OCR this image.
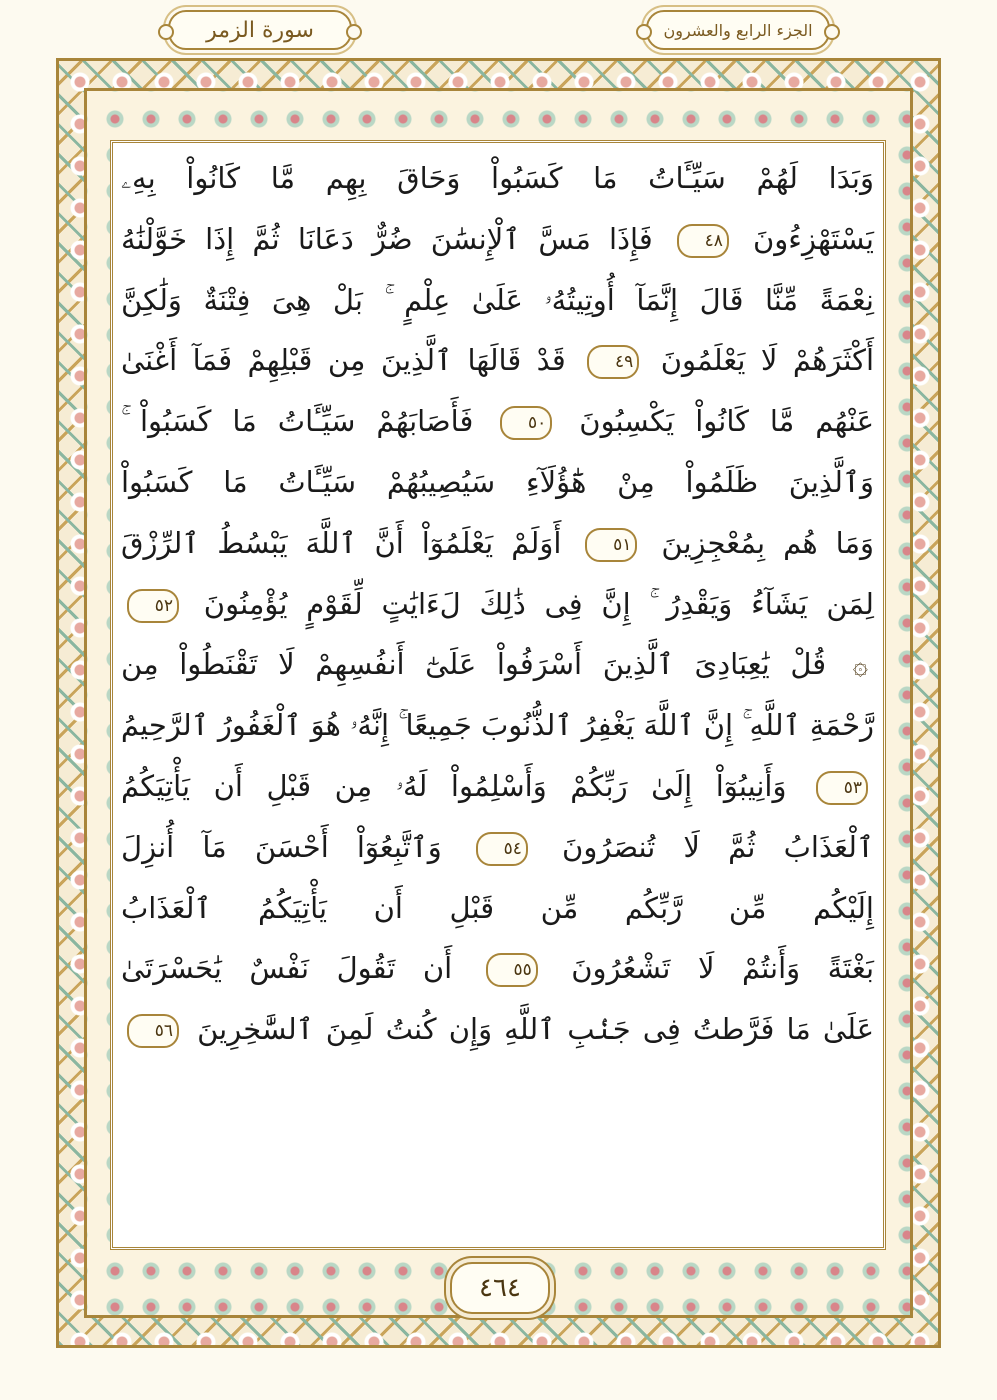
سورة الزمر	الجزء الرابع والعشرون
وَبَدَا لَهُمْ سَيِّـَٔاتُ مَا كَسَبُواْ وَحَاقَ بِهِم مَّا كَانُواْ بِهِۦ
يَسْتَهْزِءُونَ ٤٨ فَإِذَا مَسَّ ٱلْإِنسَٰنَ ضُرٌّ دَعَانَا ثُمَّ إِذَا خَوَّلْنَٰهُ
نِعْمَةً مِّنَّا قَالَ إِنَّمَآ أُوتِيتُهُۥ عَلَىٰ عِلْمٍ ۚ بَلْ هِىَ فِتْنَةٌ وَلَٰكِنَّ
أَكْثَرَهُمْ لَا يَعْلَمُونَ ٤٩ قَدْ قَالَهَا ٱلَّذِينَ مِن قَبْلِهِمْ فَمَآ أَغْنَىٰ
عَنْهُم مَّا كَانُواْ يَكْسِبُونَ ٥٠ فَأَصَابَهُمْ سَيِّـَٔاتُ مَا كَسَبُواْ ۚ
وَٱلَّذِينَ ظَلَمُواْ مِنْ هَٰٓؤُلَآءِ سَيُصِيبُهُمْ سَيِّـَٔاتُ مَا كَسَبُواْ
وَمَا هُم بِمُعْجِزِينَ ٥١ أَوَلَمْ يَعْلَمُوٓاْ أَنَّ ٱللَّهَ يَبْسُطُ ٱلرِّزْقَ
لِمَن يَشَآءُ وَيَقْدِرُ ۚ إِنَّ فِى ذَٰلِكَ لَءَايَٰتٍ لِّقَوْمٍ يُؤْمِنُونَ ٥٢
۞ قُلْ يَٰعِبَادِىَ ٱلَّذِينَ أَسْرَفُواْ عَلَىٰٓ أَنفُسِهِمْ لَا تَقْنَطُواْ مِن
رَّحْمَةِ ٱللَّهِ ۚ إِنَّ ٱللَّهَ يَغْفِرُ ٱلذُّنُوبَ جَمِيعًا ۚ إِنَّهُۥ هُوَ ٱلْغَفُورُ ٱلرَّحِيمُ
٥٣ وَأَنِيبُوٓاْ إِلَىٰ رَبِّكُمْ وَأَسْلِمُواْ لَهُۥ مِن قَبْلِ أَن يَأْتِيَكُمُ
ٱلْعَذَابُ ثُمَّ لَا تُنصَرُونَ ٥٤ وَٱتَّبِعُوٓاْ أَحْسَنَ مَآ أُنزِلَ
إِلَيْكُم مِّن رَّبِّكُم مِّن قَبْلِ أَن يَأْتِيَكُمُ ٱلْعَذَابُ
بَغْتَةً وَأَنتُمْ لَا تَشْعُرُونَ ٥٥ أَن تَقُولَ نَفْسٌ يَٰحَسْرَتَىٰ
عَلَىٰ مَا فَرَّطتُ فِى جَنۢبِ ٱللَّهِ وَإِن كُنتُ لَمِنَ ٱلسَّٰخِرِينَ ٥٦
٤٦٤
